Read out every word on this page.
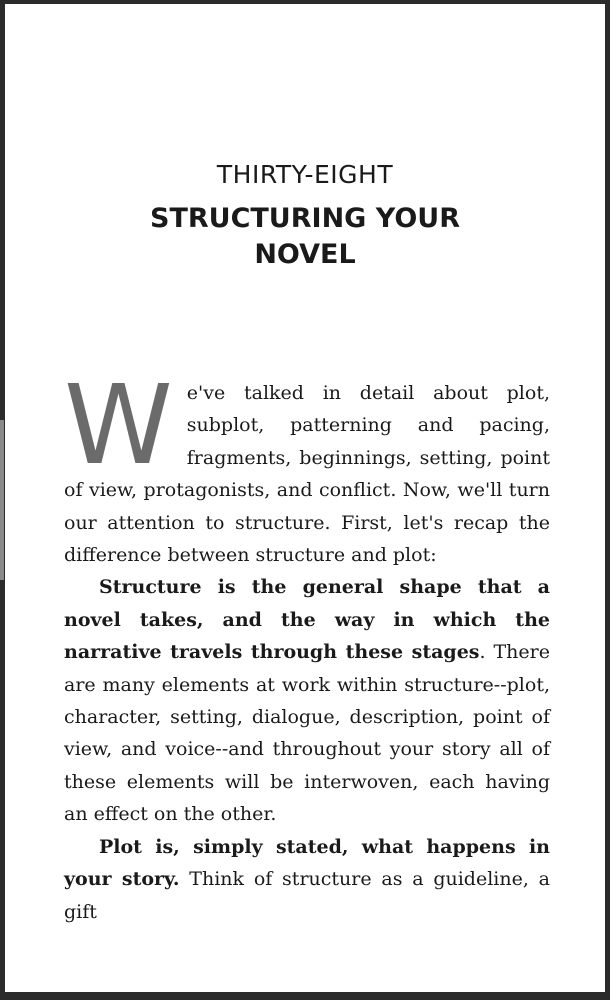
THIRTY-EIGHT
STRUCTURING YOUR NOVEL

We've talked in detail about plot, subplot, patterning and pacing, fragments, beginnings, setting, point of view, protagonists, and conflict. Now, we'll turn our attention to structure. First, let's recap the difference between structure and plot:

Structure is the general shape that a novel takes, and the way in which the narrative travels through these stages. There are many elements at work within structure--plot, character, setting, dialogue, description, point of view, and voice--and throughout your story all of these elements will be interwoven, each having an effect on the other.

Plot is, simply stated, what happens in your story. Think of structure as a guideline, a gift
